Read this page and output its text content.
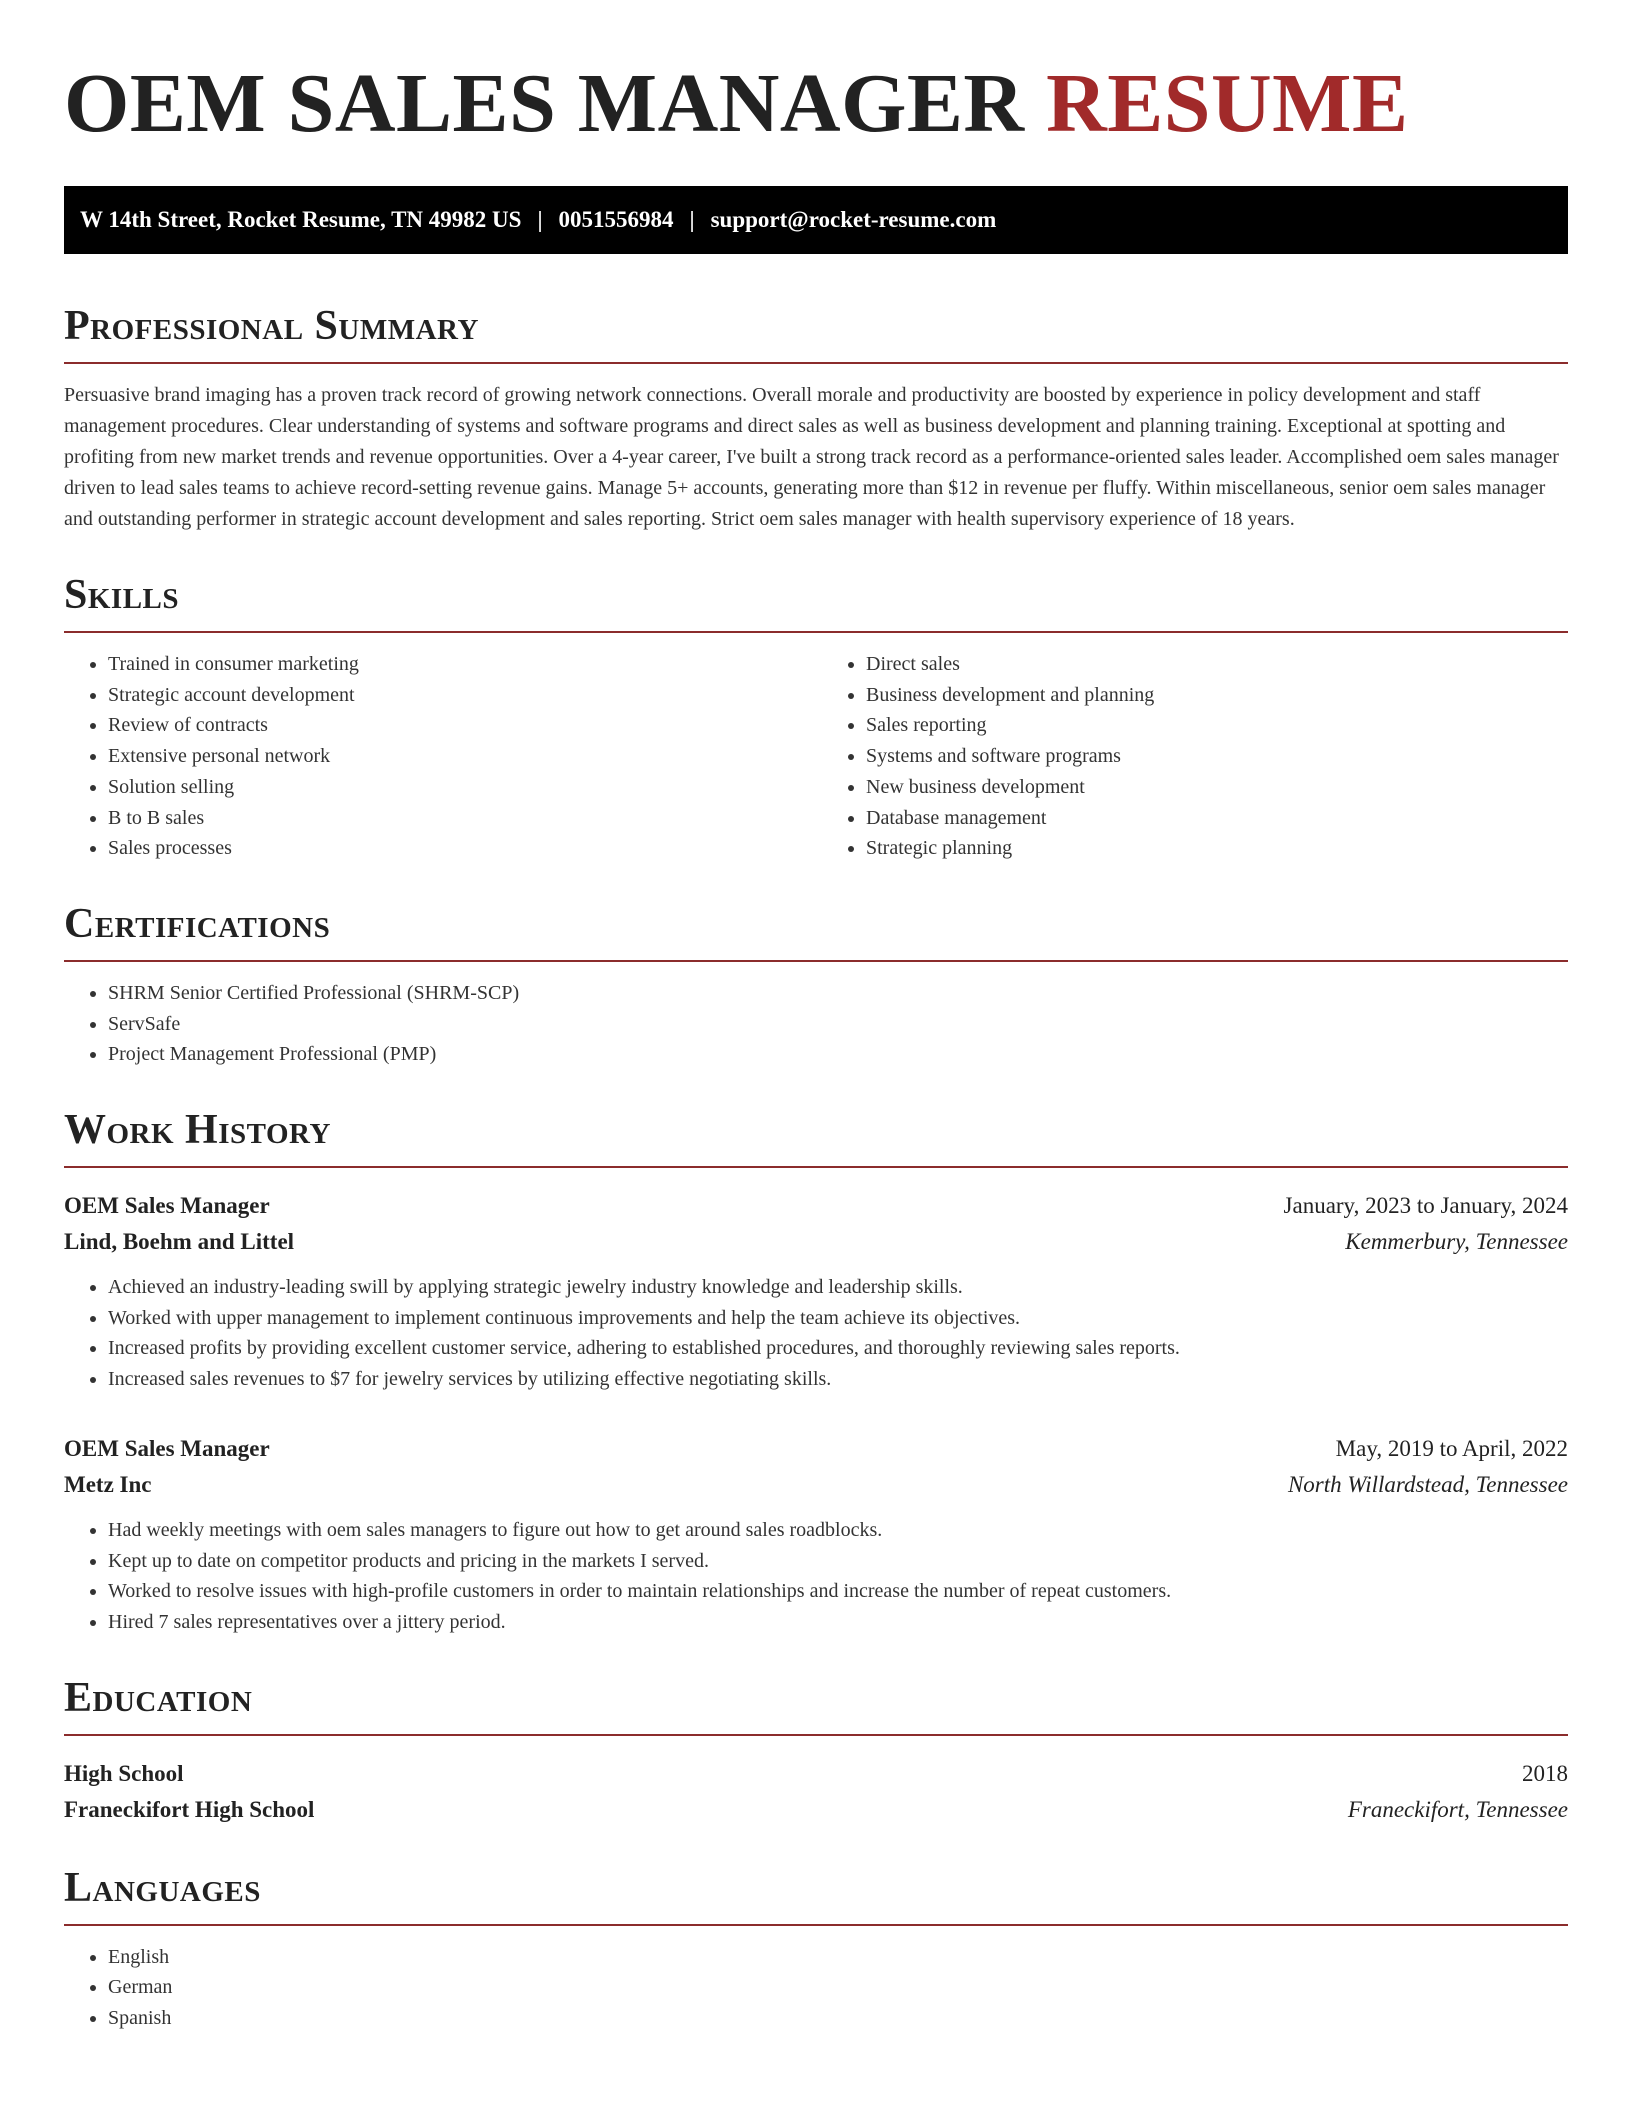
OEM SALES MANAGER RESUME
W 14th Street, Rocket Resume, TN 49982 US | 0051556984 | support@rocket-resume.com
Professional Summary

Persuasive brand imaging has a proven track record of growing network connections. Overall morale and productivity are boosted by experience in policy development and staff management procedures. Clear understanding of systems and software programs and direct sales as well as business development and planning training. Exceptional at spotting and profiting from new market trends and revenue opportunities. Over a 4-year career, I've built a strong track record as a performance-oriented sales leader. Accomplished oem sales manager driven to lead sales teams to achieve record-setting revenue gains. Manage 5+ accounts, generating more than $12 in revenue per fluffy. Within miscellaneous, senior oem sales manager and outstanding performer in strategic account development and sales reporting. Strict oem sales manager with health supervisory experience of 18 years.

Skills
• Trained in consumer marketing
• Strategic account development
• Review of contracts
• Extensive personal network
• Solution selling
• B to B sales
• Sales processes
• Direct sales
• Business development and planning
• Sales reporting
• Systems and software programs
• New business development
• Database management
• Strategic planning
Certifications
• SHRM Senior Certified Professional (SHRM-SCP)
• ServSafe
• Project Management Professional (PMP)
Work History
OEM Sales Manager	January, 2023 to January, 2024
Lind, Boehm and Littel	Kemmerbury, Tennessee
• Achieved an industry-leading swill by applying strategic jewelry industry knowledge and leadership skills.
• Worked with upper management to implement continuous improvements and help the team achieve its objectives.
• Increased profits by providing excellent customer service, adhering to established procedures, and thoroughly reviewing sales reports.
• Increased sales revenues to $7 for jewelry services by utilizing effective negotiating skills.
OEM Sales Manager	May, 2019 to April, 2022
Metz Inc	North Willardstead, Tennessee
• Had weekly meetings with oem sales managers to figure out how to get around sales roadblocks.
• Kept up to date on competitor products and pricing in the markets I served.
• Worked to resolve issues with high-profile customers in order to maintain relationships and increase the number of repeat customers.
• Hired 7 sales representatives over a jittery period.
Education
High School	2018
Franeckifort High School	Franeckifort, Tennessee
Languages
• English
• German
• Spanish
